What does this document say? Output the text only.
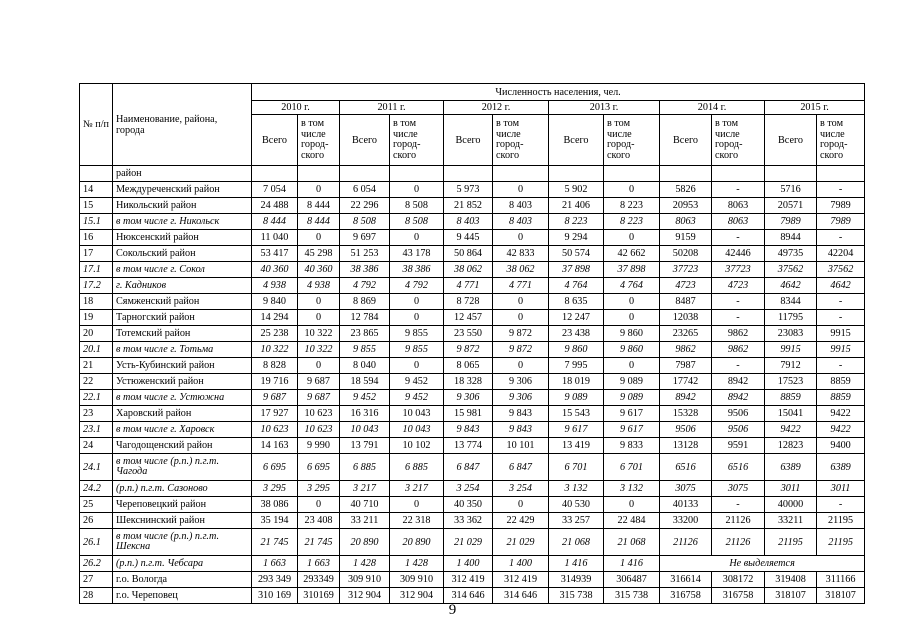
№ п/п	Наименование, района, города	Численность населения, чел.											
		2010 г.		2011 г.		2012 г.		2013 г.		2014 г.		2015 г.	
		Всего	в том числе город-ского	Всего	в том числе город-ского	Всего	в том числе город-ского	Всего	в том числе город-ского	Всего	в том числе город-ского	Всего	в том числе город-ского
	район												
14	Междуреченский район	7 054	0	6 054	0	5 973	0	5 902	0	5826	-	5716	-
15	Никольский район	24 488	8 444	22 296	8 508	21 852	8 403	21 406	8 223	20953	8063	20571	7989
15.1	в том числе г. Никольск	8 444	8 444	8 508	8 508	8 403	8 403	8 223	8 223	8063	8063	7989	7989
16	Нюксенский район	11 040	0	9 697	0	9 445	0	9 294	0	9159	-	8944	-
17	Сокольский район	53 417	45 298	51 253	43 178	50 864	42 833	50 574	42 662	50208	42446	49735	42204
17.1	в том числе г. Сокол	40 360	40 360	38 386	38 386	38 062	38 062	37 898	37 898	37723	37723	37562	37562
17.2	г. Кадников	4 938	4 938	4 792	4 792	4 771	4 771	4 764	4 764	4723	4723	4642	4642
18	Сямженский район	9 840	0	8 869	0	8 728	0	8 635	0	8487	-	8344	-
19	Тарногский район	14 294	0	12 784	0	12 457	0	12 247	0	12038	-	11795	-
20	Тотемский район	25 238	10 322	23 865	9 855	23 550	9 872	23 438	9 860	23265	9862	23083	9915
20.1	в том числе г. Тотьма	10 322	10 322	9 855	9 855	9 872	9 872	9 860	9 860	9862	9862	9915	9915
21	Усть-Кубинский район	8 828	0	8 040	0	8 065	0	7 995	0	7987	-	7912	-
22	Устюженский район	19 716	9 687	18 594	9 452	18 328	9 306	18 019	9 089	17742	8942	17523	8859
22.1	в том числе г. Устюжна	9 687	9 687	9 452	9 452	9 306	9 306	9 089	9 089	8942	8942	8859	8859
23	Харовский район	17 927	10 623	16 316	10 043	15 981	9 843	15 543	9 617	15328	9506	15041	9422
23.1	в том числе г. Харовск	10 623	10 623	10 043	10 043	9 843	9 843	9 617	9 617	9506	9506	9422	9422
24	Чагодощенский район	14 163	9 990	13 791	10 102	13 774	10 101	13 419	9 833	13128	9591	12823	9400
24.1	в том числе (р.п.) п.г.т. Чагода	6 695	6 695	6 885	6 885	6 847	6 847	6 701	6 701	6516	6516	6389	6389
24.2	(р.п.) п.г.т. Сазоново	3 295	3 295	3 217	3 217	3 254	3 254	3 132	3 132	3075	3075	3011	3011
25	Череповецкий район	38 086	0	40 710	0	40 350	0	40 530	0	40133	-	40000	-
26	Шекснинский район	35 194	23 408	33 211	22 318	33 362	22 429	33 257	22 484	33200	21126	33211	21195
26.1	в том числе (р.п.) п.г.т. Шексна	21 745	21 745	20 890	20 890	21 029	21 029	21 068	21 068	21126	21126	21195	21195
26.2	(р.п.) п.г.т. Чебсара	1 663	1 663	1 428	1 428	1 400	1 400	1 416	1 416	Не выделяется			
27	г.о. Вологда	293 349	293349	309 910	309 910	312 419	312 419	314939	306487	316614	308172	319408	311166
28	г.о. Череповец	310 169	310169	312 904	312 904	314 646	314 646	315 738	315 738	316758	316758	318107	318107
9
